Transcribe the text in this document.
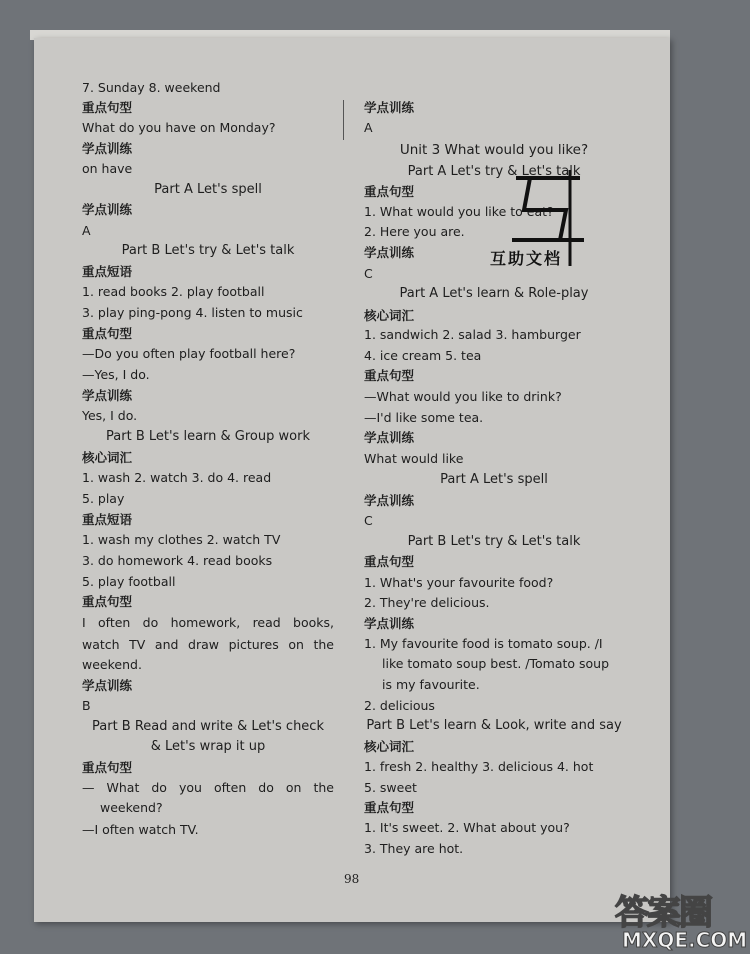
7. Sunday 8. weekend
重点句型
What do you have on Monday?
学点训练
on have
Part A Let's spell
学点训练
A
Part B Let's try & Let's talk
重点短语
1. read books 2. play football
3. play ping-pong 4. listen to music
重点句型
—Do you often play football here?
—Yes, I do.
学点训练
Yes, I do.
Part B Let's learn & Group work
核心词汇
1. wash 2. watch 3. do 4. read
5. play
重点短语
1. wash my clothes 2. watch TV
3. do homework 4. read books
5. play football
重点句型
I often do homework, read books,
watch TV and draw pictures on the
weekend.
学点训练
B
Part B Read and write & Let's check
& Let's wrap it up
重点句型
— What do you often do on the
weekend?
—I often watch TV.
学点训练
A
Unit 3 What would you like?
Part A Let's try & Let's talk
重点句型
1. What would you like to eat?
2. Here you are.
学点训练
C
Part A Let's learn & Role-play
核心词汇
1. sandwich 2. salad 3. hamburger
4. ice cream 5. tea
重点句型
—What would you like to drink?
—I'd like some tea.
学点训练
What would like
Part A Let's spell
学点训练
C
Part B Let's try & Let's talk
重点句型
1. What's your favourite food?
2. They're delicious.
学点训练
1. My favourite food is tomato soup. /I
like tomato soup best. /Tomato soup
is my favourite.
2. delicious
Part B Let's learn & Look, write and say
核心词汇
1. fresh 2. healthy 3. delicious 4. hot
5. sweet
重点句型
1. It's sweet. 2. What about you?
3. They are hot.
98
互助文档
答案圈
MXQE.COM
